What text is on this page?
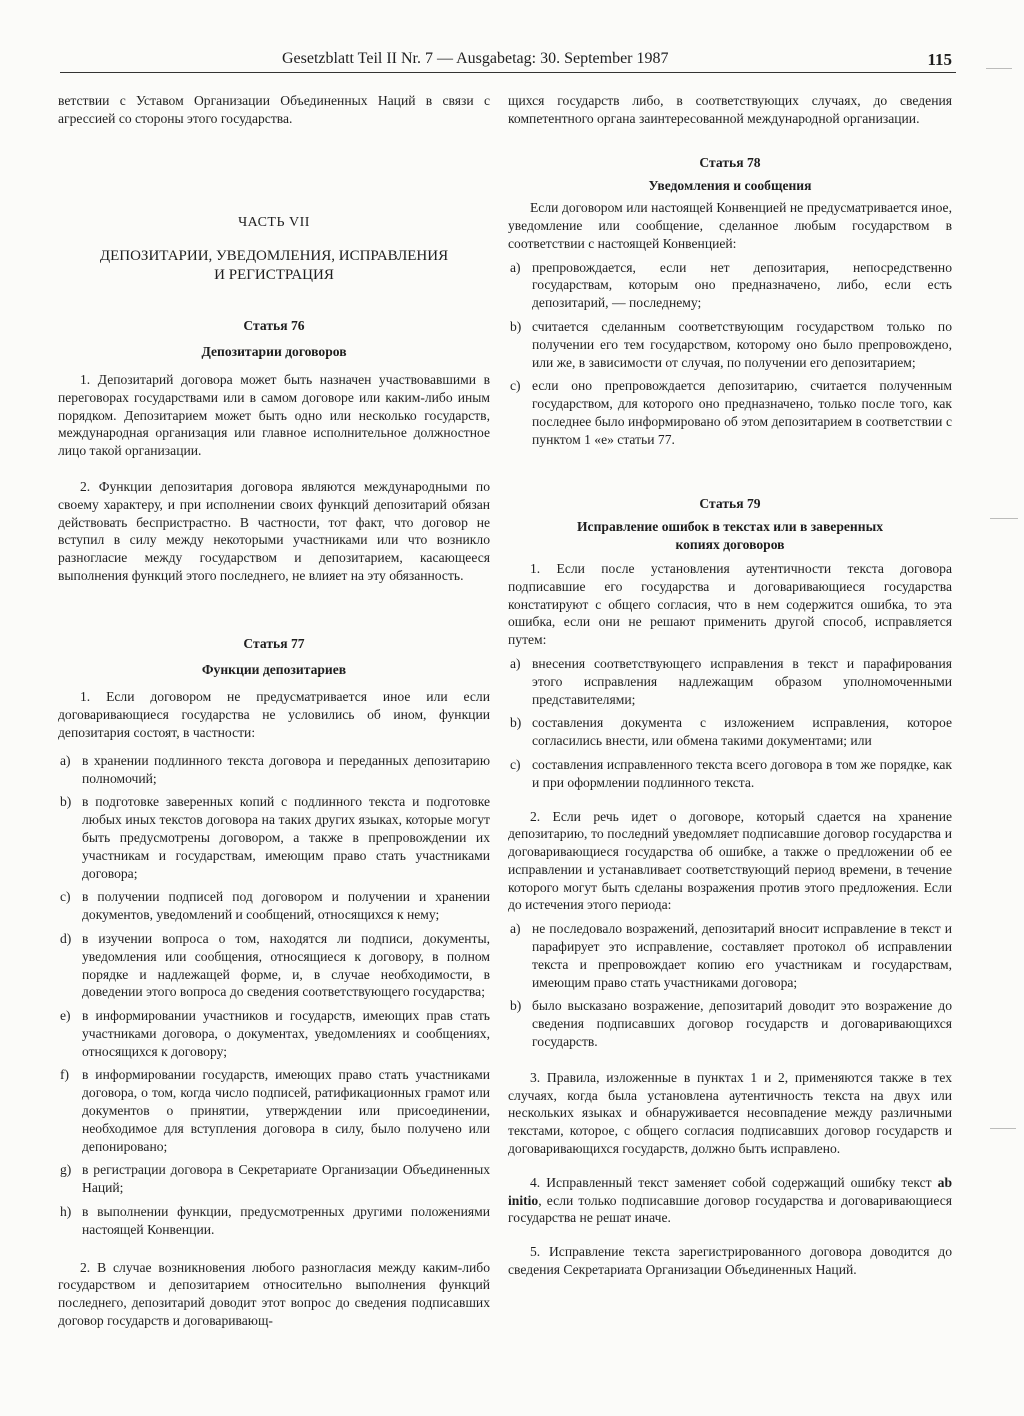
Gesetzblatt Teil II Nr. 7 — Ausgabetag: 30. September 1987	115

ветствии с Уставом Организации Объединенных Наций в связи с агрессией со стороны этого государства.

ЧАСТЬ VII

ДЕПОЗИТАРИИ, УВЕДОМЛЕНИЯ, ИСПРАВЛЕНИЯ
И РЕГИСТРАЦИЯ

Статья 76

Депозитарии договоров

1. Депозитарий договора может быть назначен участвовавшими в переговорах государствами или в самом договоре или каким-либо иным порядком. Депозитарием может быть одно или несколько государств, международная организация или главное исполнительное должностное лицо такой организации.

2. Функции депозитария договора являются международными по своему характеру, и при исполнении своих функций депозитарий обязан действовать беспристрастно. В частности, тот факт, что договор не вступил в силу между некоторыми участниками или что возникло разногласие между государством и депозитарием, касающееся выполнения функций этого последнего, не влияет на эту обязанность.

Статья 77

Функции депозитариев

1. Если договором не предусматривается иное или если договаривающиеся государства не условились об ином, функции депозитария состоят, в частности:

a) в хранении подлинного текста договора и переданных депозитарию полномочий;
b) в подготовке заверенных копий с подлинного текста и подготовке любых иных текстов договора на таких других языках, которые могут быть предусмотрены договором, а также в препровождении их участникам и государствам, имеющим право стать участниками договора;
c) в получении подписей под договором и получении и хранении документов, уведомлений и сообщений, относящихся к нему;
d) в изучении вопроса о том, находятся ли подписи, документы, уведомления или сообщения, относящиеся к договору, в полном порядке и надлежащей форме, и, в случае необходимости, в доведении этого вопроса до сведения соответствующего государства;
e) в информировании участников и государств, имеющих прав стать участниками договора, о документах, уведомлениях и сообщениях, относящихся к договору;
f) в информировании государств, имеющих право стать участниками договора, о том, когда число подписей, ратификационных грамот или документов о принятии, утверждении или присоединении, необходимое для вступления договора в силу, было получено или депонировано;
g) в регистрации договора в Секретариате Организации Объединенных Наций;
h) в выполнении функции, предусмотренных другими положениями настоящей Конвенции.

2. В случае возникновения любого разногласия между каким-либо государством и депозитарием относительно выполнения функций последнего, депозитарий доводит этот вопрос до сведения подписавших договор государств и договаривающ-

щихся государств либо, в соответствующих случаях, до сведения компетентного органа заинтересованной международной организации.

Статья 78

Уведомления и сообщения

Если договором или настоящей Конвенцией не предусматривается иное, уведомление или сообщение, сделанное любым государством в соответствии с настоящей Конвенцией:

a) препровождается, если нет депозитария, непосредственно государствам, которым оно предназначено, либо, если есть депозитарий, — последнему;
b) считается сделанным соответствующим государством только по получении его тем государством, которому оно было препровождено, или же, в зависимости от случая, по получении его депозитарием;
c) если оно препровождается депозитарию, считается полученным государством, для которого оно предназначено, только после того, как последнее было информировано об этом депозитарием в соответствии с пунктом 1 «е» статьи 77.

Статья 79

Исправление ошибок в текстах или в заверенных
копиях договоров

1. Если после установления аутентичности текста договора подписавшие его государства и договаривающиеся государства констатируют с общего согласия, что в нем содержится ошибка, то эта ошибка, если они не решают применить другой способ, исправляется путем:

a) внесения соответствующего исправления в текст и парафирования этого исправления надлежащим образом уполномоченными представителями;
b) составления документа с изложением исправления, которое согласились внести, или обмена такими документами; или
c) составления исправленного текста всего договора в том же порядке, как и при оформлении подлинного текста.

2. Если речь идет о договоре, который сдается на хранение депозитарию, то последний уведомляет подписавшие договор государства и договаривающиеся государства об ошибке, а также о предложении об ее исправлении и устанавливает соответствующий период времени, в течение которого могут быть сделаны возражения против этого предложения. Если до истечения этого периода:

a) не последовало возражений, депозитарий вносит исправление в текст и парафирует это исправление, составляет протокол об исправлении текста и препровождает копию его участникам и государствам, имеющим право стать участниками договора;
b) было высказано возражение, депозитарий доводит это возражение до сведения подписавших договор государств и договаривающихся государств.

3. Правила, изложенные в пунктах 1 и 2, применяются также в тех случаях, когда была установлена аутентичность текста на двух или нескольких языках и обнаруживается несовпадение между различными текстами, которое, с общего согласия подписавших договор государств и договаривающихся государств, должно быть исправлено.

4. Исправленный текст заменяет собой содержащий ошибку текст ab initio, если только подписавшие договор государства и договаривающиеся государства не решат иначе.

5. Исправление текста зарегистрированного договора доводится до сведения Секретариата Организации Объединенных Наций.
